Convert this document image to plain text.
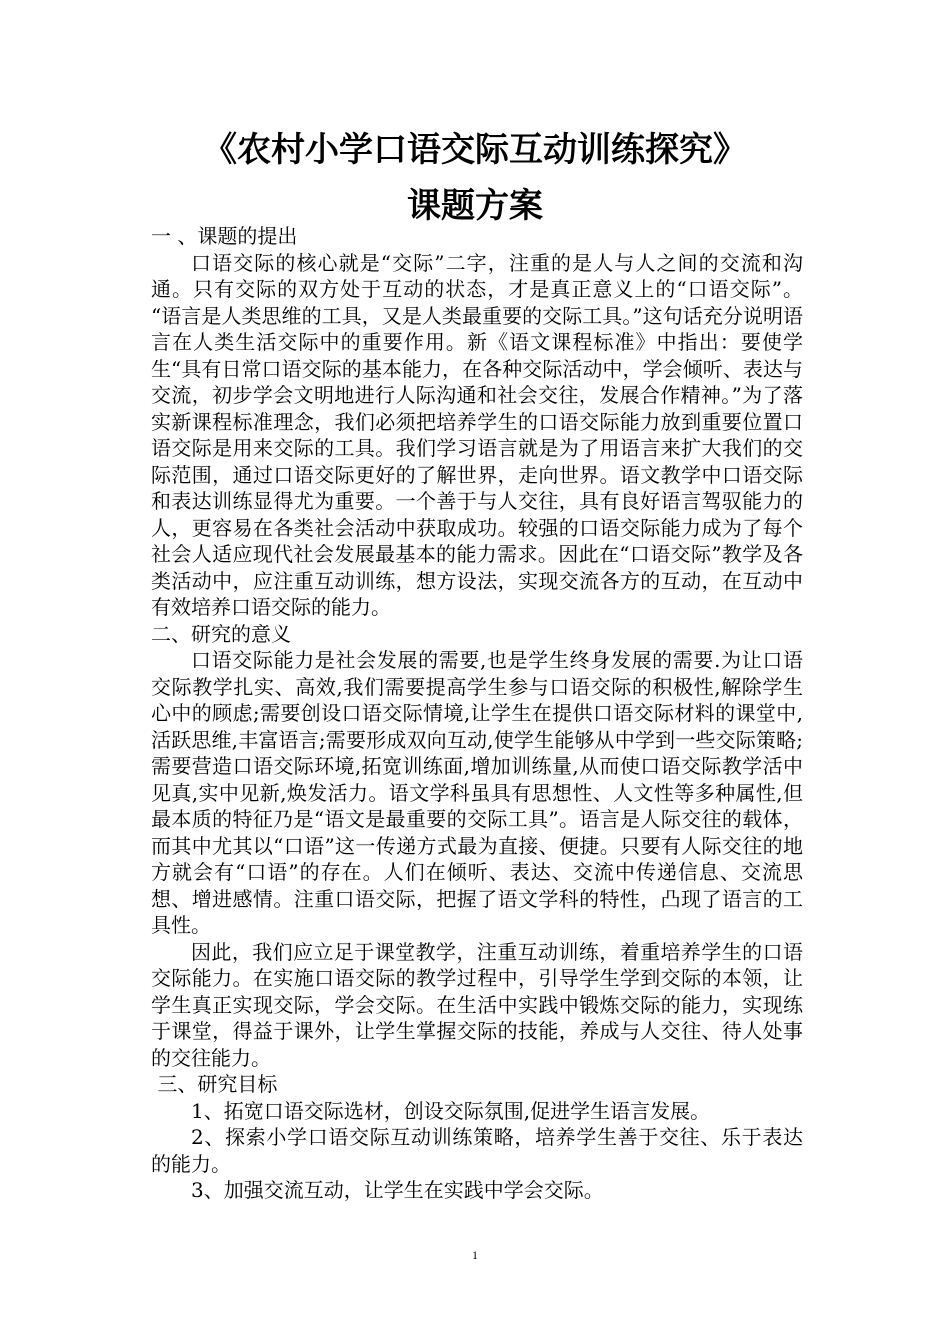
《农村小学口语交际互动训练探究》
课题方案

一 、课题的提出

口语交际的核心就是“交际”二字，注重的是人与人之间的交流和沟通。只有交际的双方处于互动的状态，才是真正意义上的“口语交际”。 “语言是人类思维的工具，又是人类最重要的交际工具。”这句话充分说明语言在人类生活交际中的重要作用。新《语文课程标准》中指出：要使学生“具有日常口语交际的基本能力，在各种交际活动中，学会倾听、表达与交流，初步学会文明地进行人际沟通和社会交往，发展合作精神。”为了落实新课程标准理念，我们必须把培养学生的口语交际能力放到重要位置口语交际是用来交际的工具。我们学习语言就是为了用语言来扩大我们的交际范围，通过口语交际更好的了解世界，走向世界。语文教学中口语交际和表达训练显得尤为重要。一个善于与人交往，具有良好语言驾驭能力的人，更容易在各类社会活动中获取成功。较强的口语交际能力成为了每个社会人适应现代社会发展最基本的能力需求。因此在“口语交际”教学及各类活动中，应注重互动训练，想方设法，实现交流各方的互动，在互动中有效培养口语交际的能力。

二、研究的意义

口语交际能力是社会发展的需要,也是学生终身发展的需要.为让口语交际教学扎实、高效,我们需要提高学生参与口语交际的积极性,解除学生心中的顾虑;需要创设口语交际情境,让学生在提供口语交际材料的课堂中,活跃思维,丰富语言;需要形成双向互动,使学生能够从中学到一些交际策略;需要营造口语交际环境,拓宽训练面,增加训练量,从而使口语交际教学活中见真,实中见新,焕发活力。语文学科虽具有思想性、人文性等多种属性,但最本质的特征乃是“语文是最重要的交际工具”。语言是人际交往的载体，而其中尤其以“口语”这一传递方式最为直接、便捷。只要有人际交往的地方就会有“口语”的存在。人们在倾听、表达、交流中传递信息、交流思想、增进感情。注重口语交际，把握了语文学科的特性，凸现了语言的工具性。

因此，我们应立足于课堂教学，注重互动训练，着重培养学生的口语交际能力。在实施口语交际的教学过程中，引导学生学到交际的本领，让学生真正实现交际，学会交际。在生活中实践中锻炼交际的能力，实现练于课堂，得益于课外，让学生掌握交际的技能，养成与人交往、待人处事的交往能力。

三、研究目标

1、拓宽口语交际选材，创设交际氛围,促进学生语言发展。

2、探索小学口语交际互动训练策略，培养学生善于交往、乐于表达的能力。

3、加强交流互动，让学生在实践中学会交际。

1
